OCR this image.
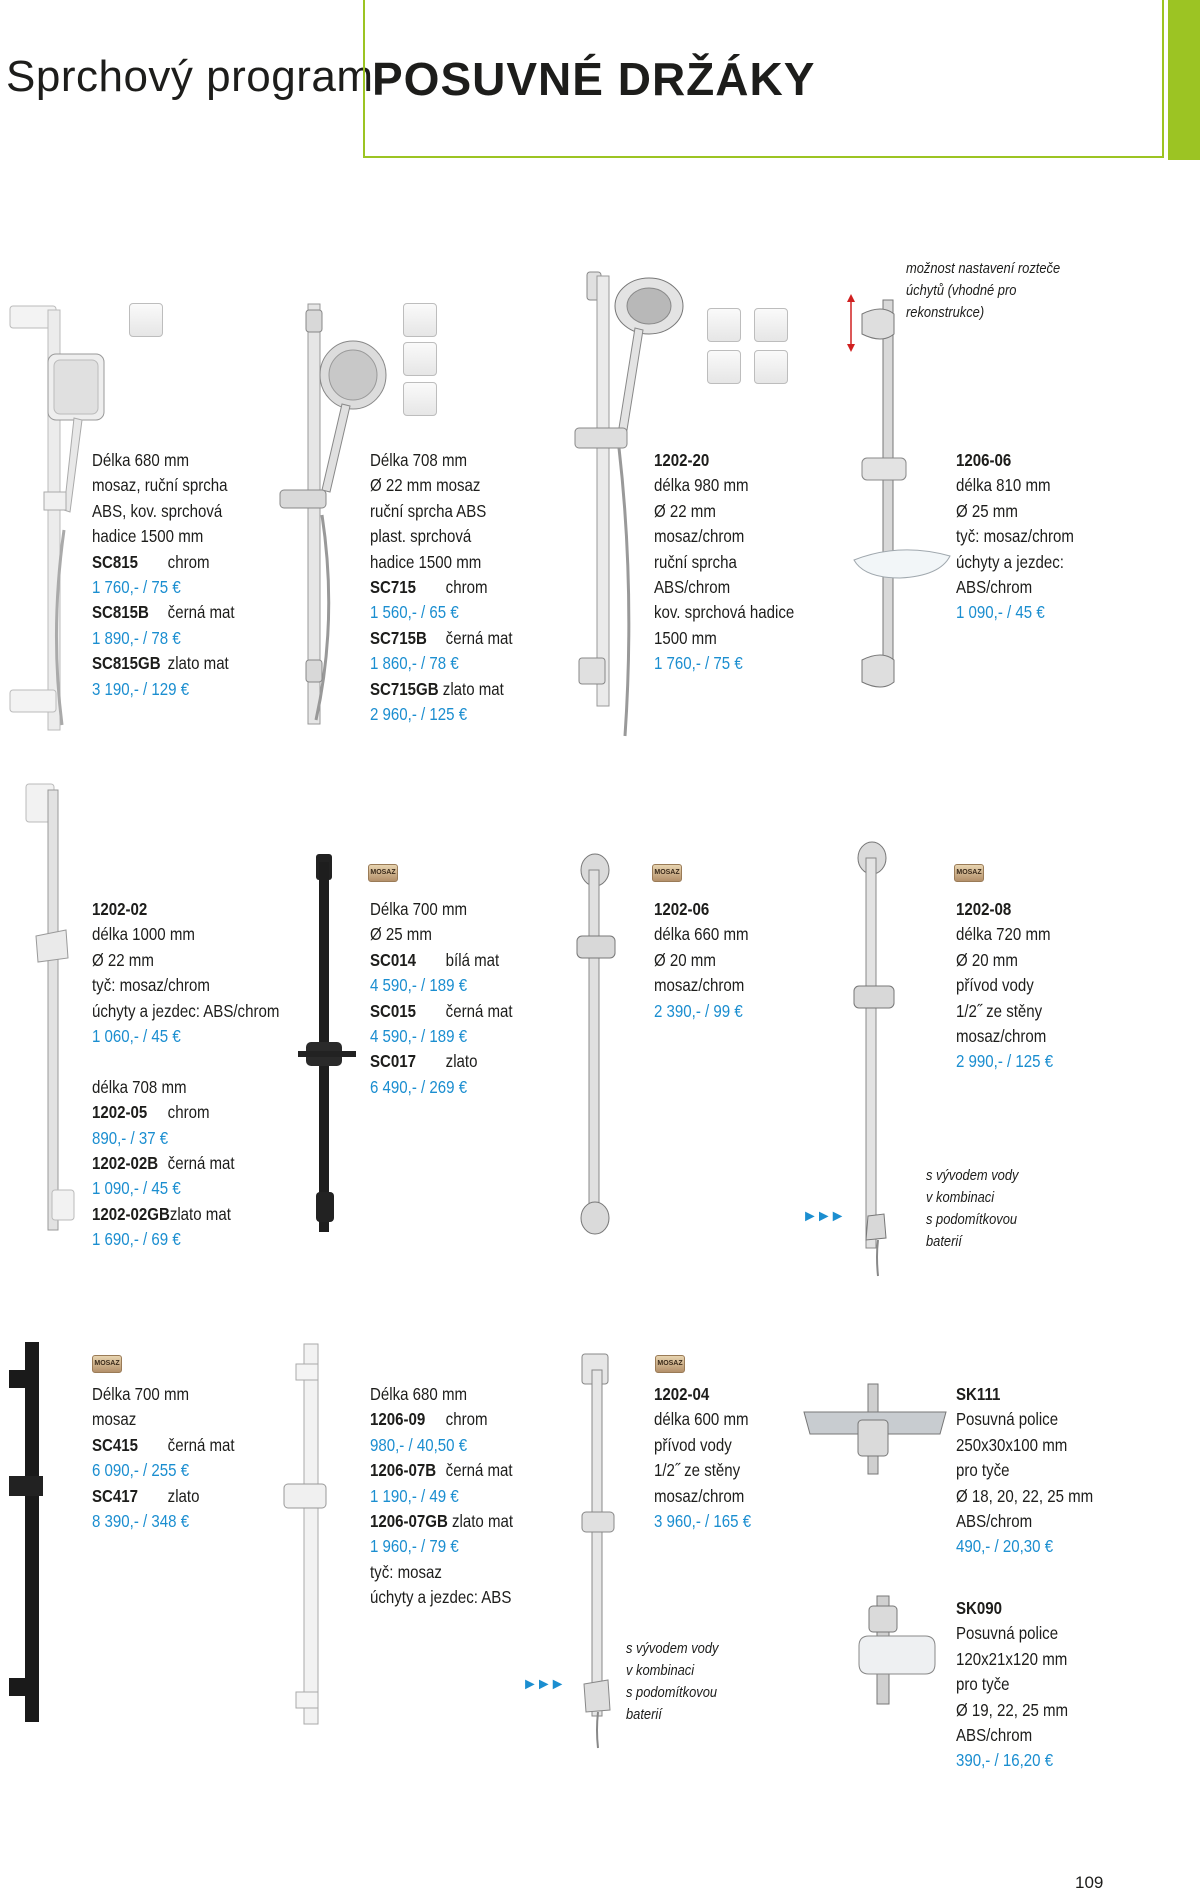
Sprchový program
POSUVNÉ DRŽÁKY
MOSAZ	MOSAZ	MOSAZ
►►►
MOSAZ	MOSAZ
►►►
Délka 680 mm
mosaz, ruční sprcha
ABS, kov. sprchová
hadice 1500 mm
SC815 chrom
1 760,- / 75 €
SC815B černá mat
1 890,- / 78 €
SC815GB zlato mat
3 190,- / 129 €
Délka 708 mm
Ø 22 mm mosaz
ruční sprcha ABS
plast. sprchová
hadice 1500 mm
SC715 chrom
1 560,- / 65 €
SC715B černá mat
1 860,- / 78 €
SC715GB zlato mat
2 960,- / 125 €
1202-20
délka 980 mm
Ø 22 mm
mosaz/chrom
ruční sprcha
ABS/chrom
kov. sprchová hadice
1500 mm
1 760,- / 75 €
1206-06
délka 810 mm
Ø 25 mm
tyč: mosaz/chrom
úchyty a jezdec:
ABS/chrom
1 090,- / 45 €
možnost nastavení rozteče
úchytů (vhodné pro
rekonstrukce)
1202-02
délka 1000 mm
Ø 22 mm
tyč: mosaz/chrom
úchyty a jezdec: ABS/chrom
1 060,- / 45 €
délka 708 mm
1202-05 chrom
890,- / 37 €
1202-02B černá mat
1 090,- / 45 €
1202-02GBzlato mat
1 690,- / 69 €
Délka 700 mm
Ø 25 mm
SC014 bílá mat
4 590,- / 189 €
SC015 černá mat
4 590,- / 189 €
SC017 zlato
6 490,- / 269 €
1202-06
délka 660 mm
Ø 20 mm
mosaz/chrom
2 390,- / 99 €
1202-08
délka 720 mm
Ø 20 mm
přívod vody
1/2˝ ze stěny
mosaz/chrom
2 990,- / 125 €
s vývodem vody
v kombinaci
s podomítkovou
baterií
Délka 700 mm
mosaz
SC415 černá mat
6 090,- / 255 €
SC417 zlato
8 390,- / 348 €
Délka 680 mm
1206-09 chrom
980,- / 40,50 €
1206-07B černá mat
1 190,- / 49 €
1206-07GB zlato mat
1 960,- / 79 €
tyč: mosaz
úchyty a jezdec: ABS
1202-04
délka 600 mm
přívod vody
1/2˝ ze stěny
mosaz/chrom
3 960,- / 165 €
s vývodem vody
v kombinaci
s podomítkovou
baterií
SK111
Posuvná police
250x30x100 mm
pro tyče
Ø 18, 20, 22, 25 mm
ABS/chrom
490,- / 20,30 €
SK090
Posuvná police
120x21x120 mm
pro tyče
Ø 19, 22, 25 mm
ABS/chrom
390,- / 16,20 €
109
